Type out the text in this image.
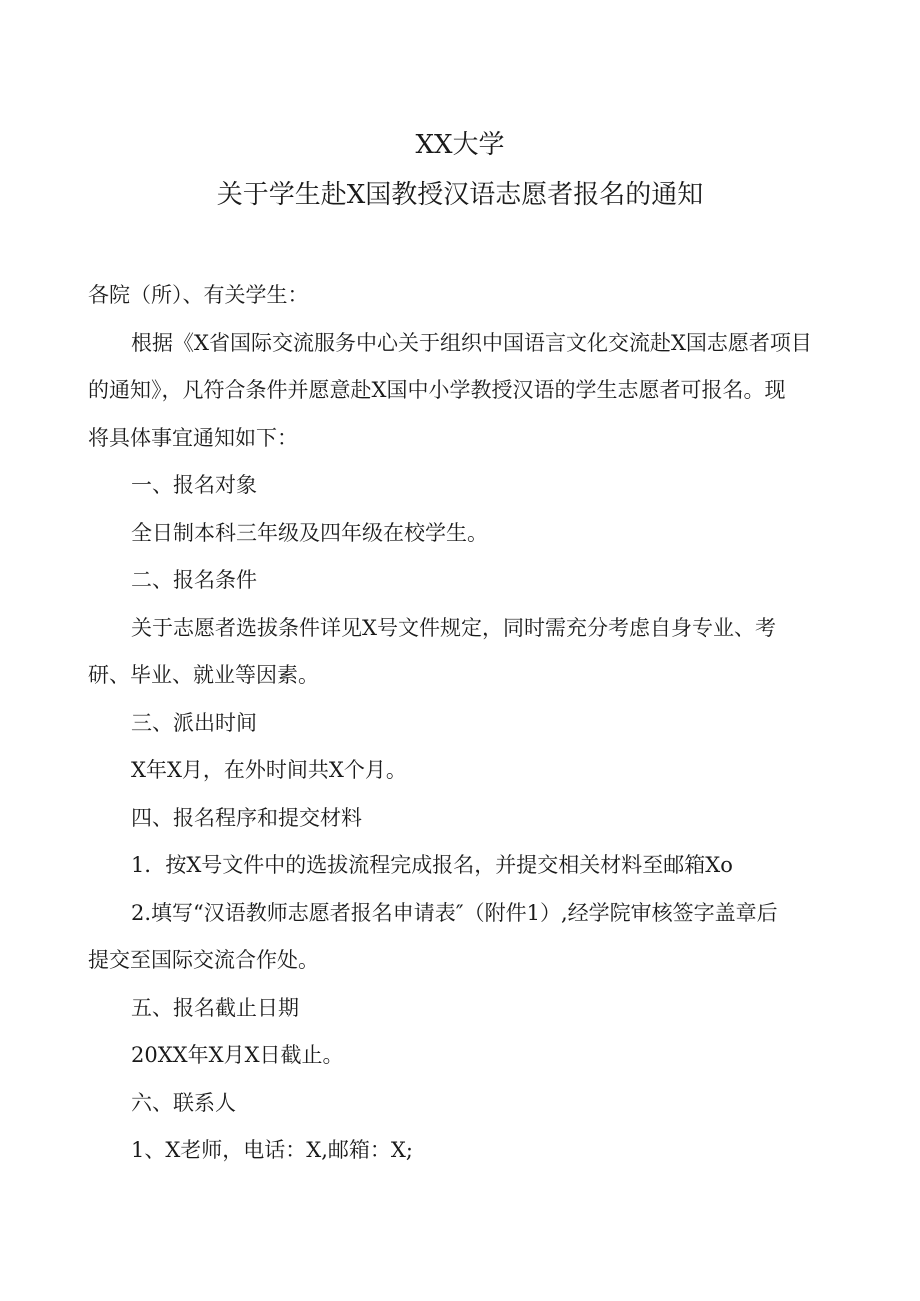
XX大学
关于学生赴X国教授汉语志愿者报名的通知

各院（所）、有关学生：

根据《X省国际交流服务中心关于组织中国语言文化交流赴X国志愿者项目

的通知》，凡符合条件并愿意赴X国中小学教授汉语的学生志愿者可报名。现

将具体事宜通知如下：

一、报名对象

全日制本科三年级及四年级在校学生。

二、报名条件

关于志愿者选拔条件详见X号文件规定，同时需充分考虑自身专业、考

研、毕业、就业等因素。

三、派出时间

X年X月，在外时间共X个月。

四、报名程序和提交材料

1．按X号文件中的选拔流程完成报名，并提交相关材料至邮箱Xo

2.填写“汉语教师志愿者报名申请表″（附件1）,经学院审核签字盖章后

提交至国际交流合作处。

五、报名截止日期

20XX年X月X日截止。

六、联系人

1、X老师，电话：X,邮箱：X;
